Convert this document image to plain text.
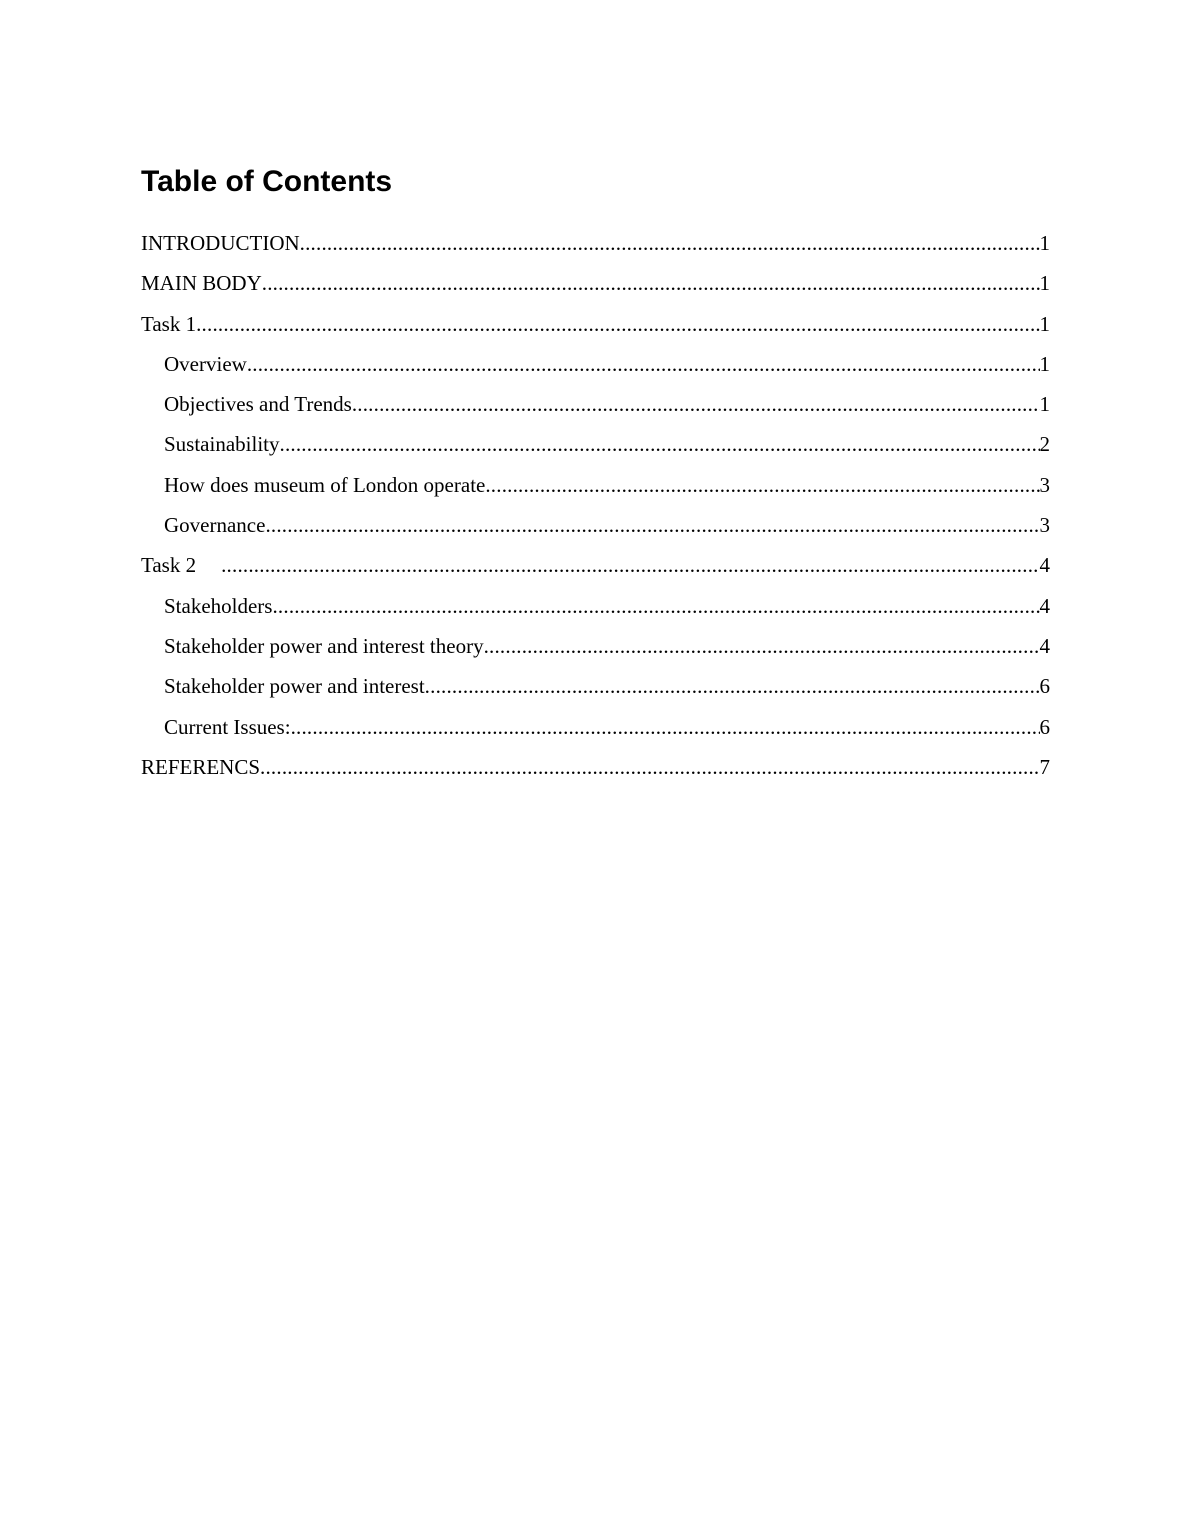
Table of Contents
INTRODUCTION .....	1
MAIN BODY .....	1
Task 1 .....	1
Overview .....	1
Objectives and Trends .....	1
Sustainability .....	2
How does museum of London operate .....	3
Governance .....	3
Task 2 .....	4
Stakeholders .....	4
Stakeholder power and interest theory .....	4
Stakeholder power and interest .....	6
Current Issues: .....	6
REFERENCS .....	7
